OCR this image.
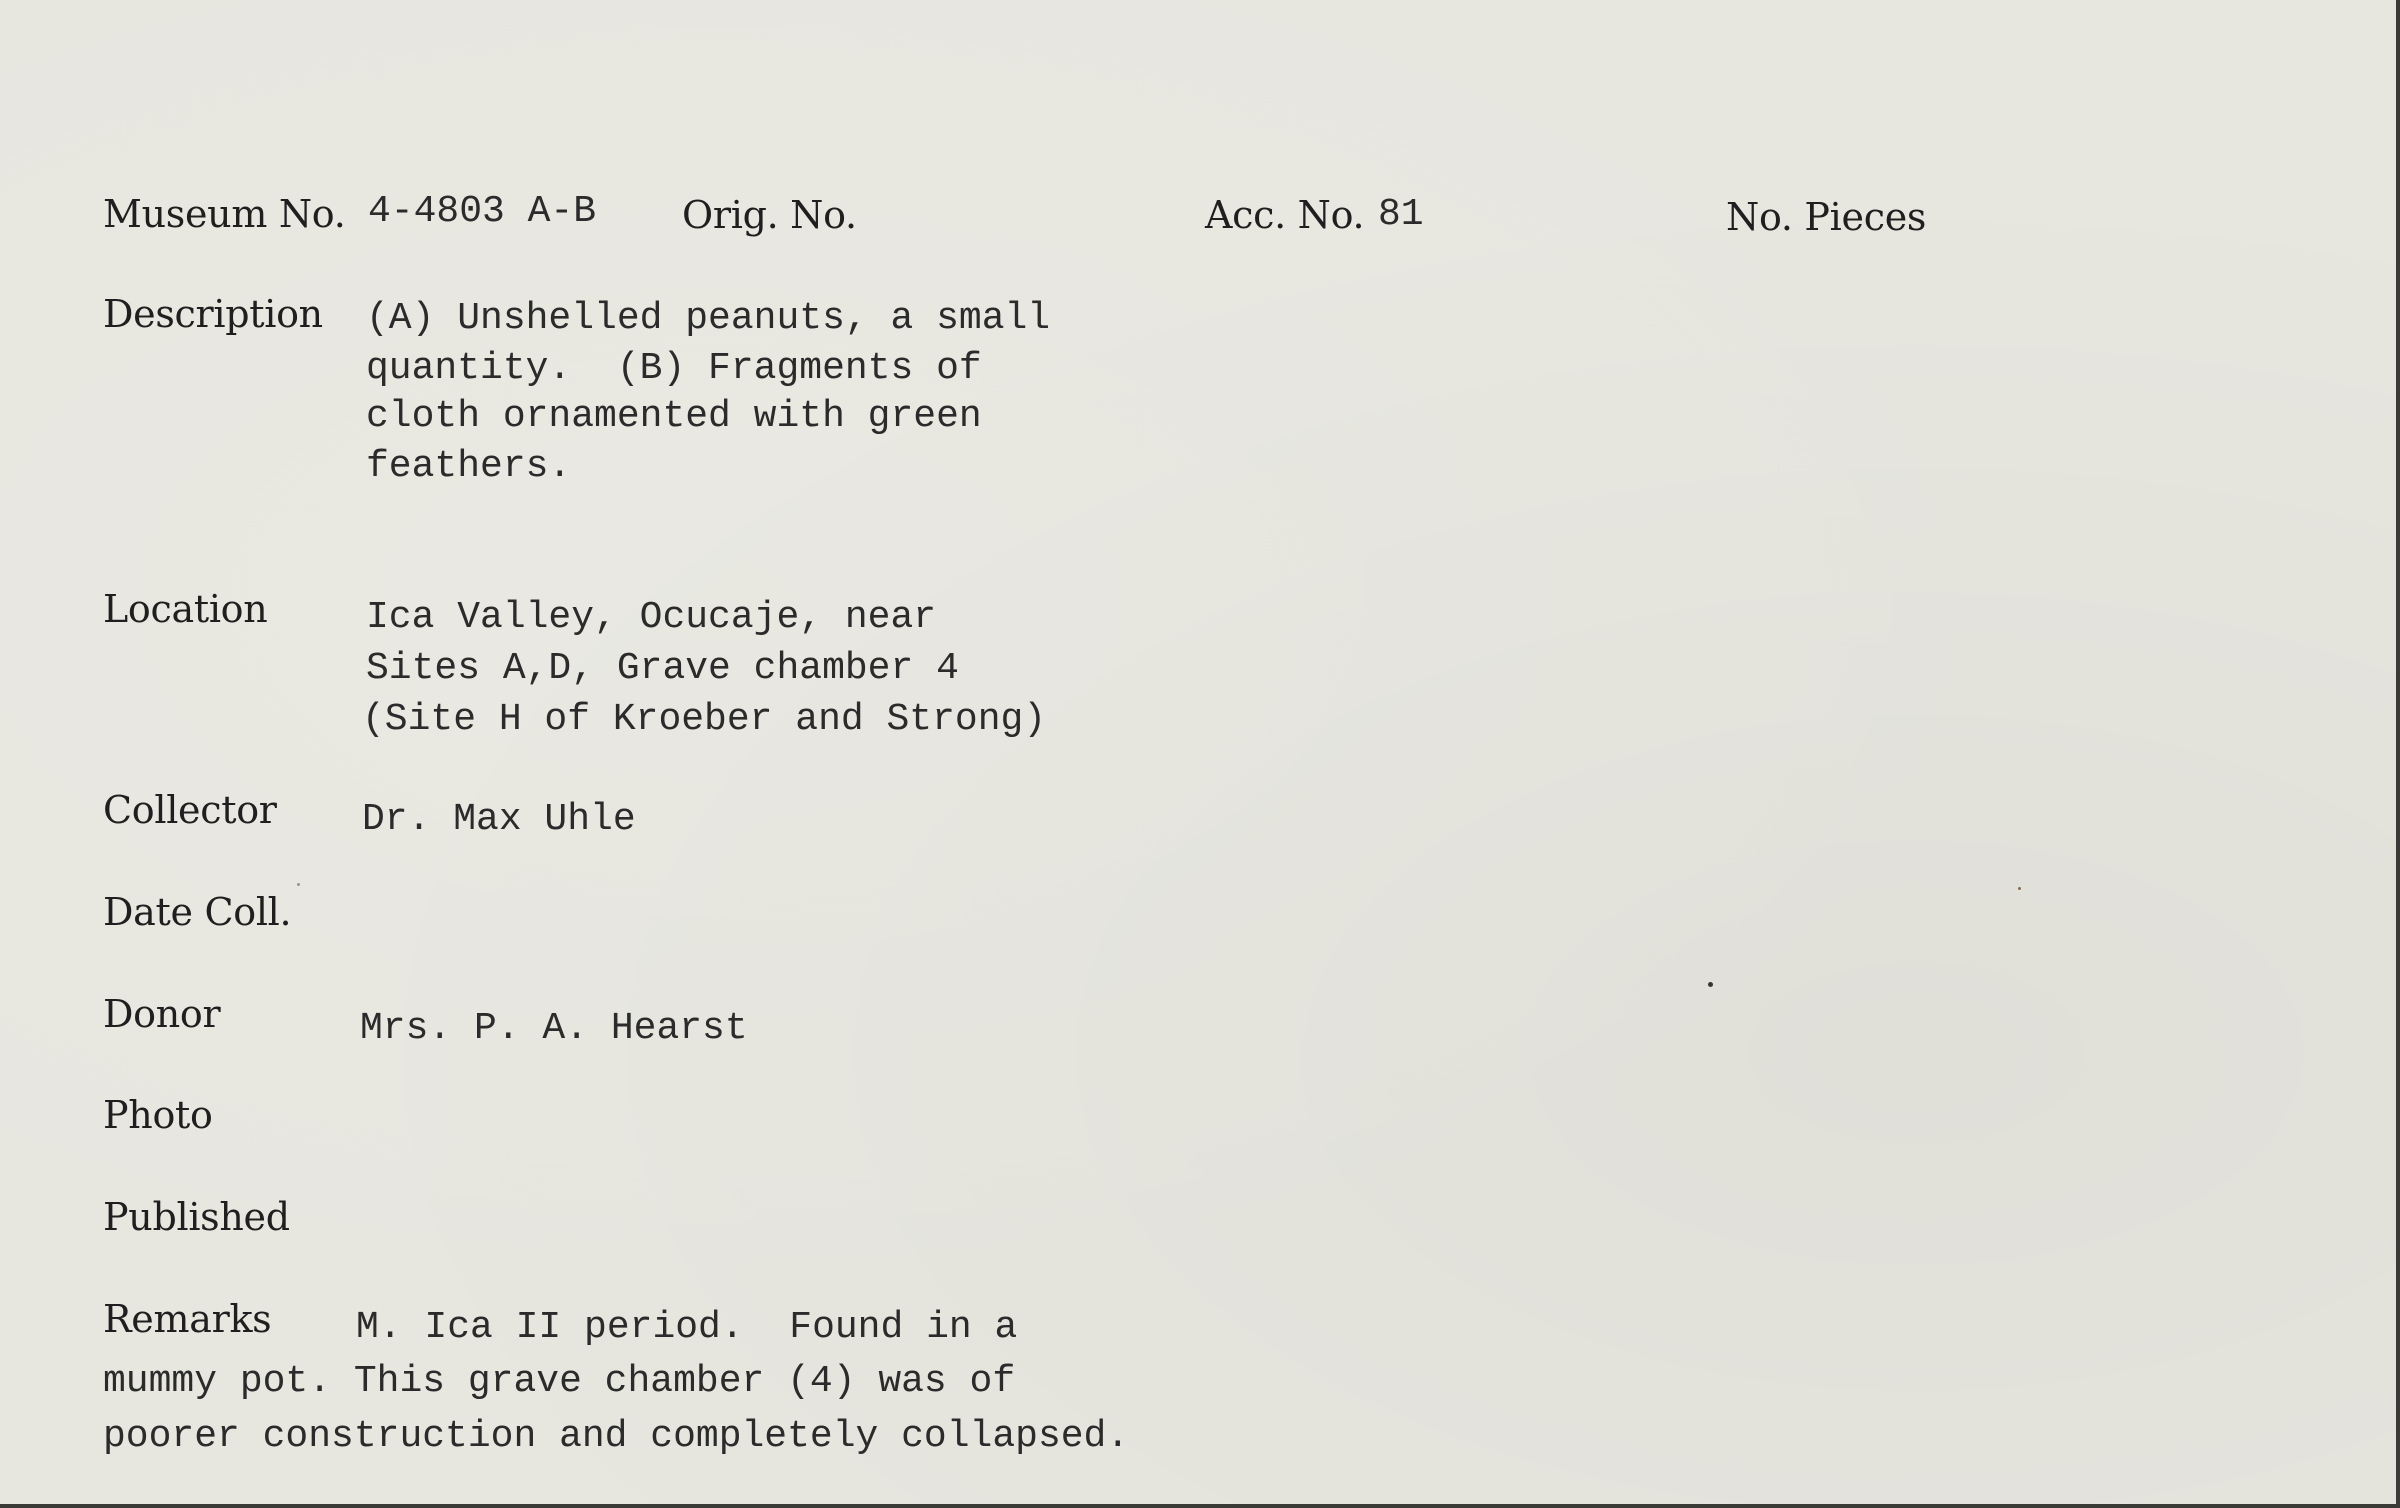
Museum No. 4-4803 A-B Orig. No.	Acc. No. 81	No. Pieces
Description (A) Unshelled peanuts, a small
quantity.  (B) Fragments of
cloth ornamented with green
feathers.
Location	Ica Valley, Ocucaje, near
Sites A,D, Grave chamber 4
(Site H of Kroeber and Strong)
Collector Dr. Max Uhle
Date Coll.
Donor	Mrs. P. A. Hearst
Photo
Published
Remarks M. Ica II period.  Found in a
mummy pot. This grave chamber (4) was of
poorer construction and completely collapsed.
